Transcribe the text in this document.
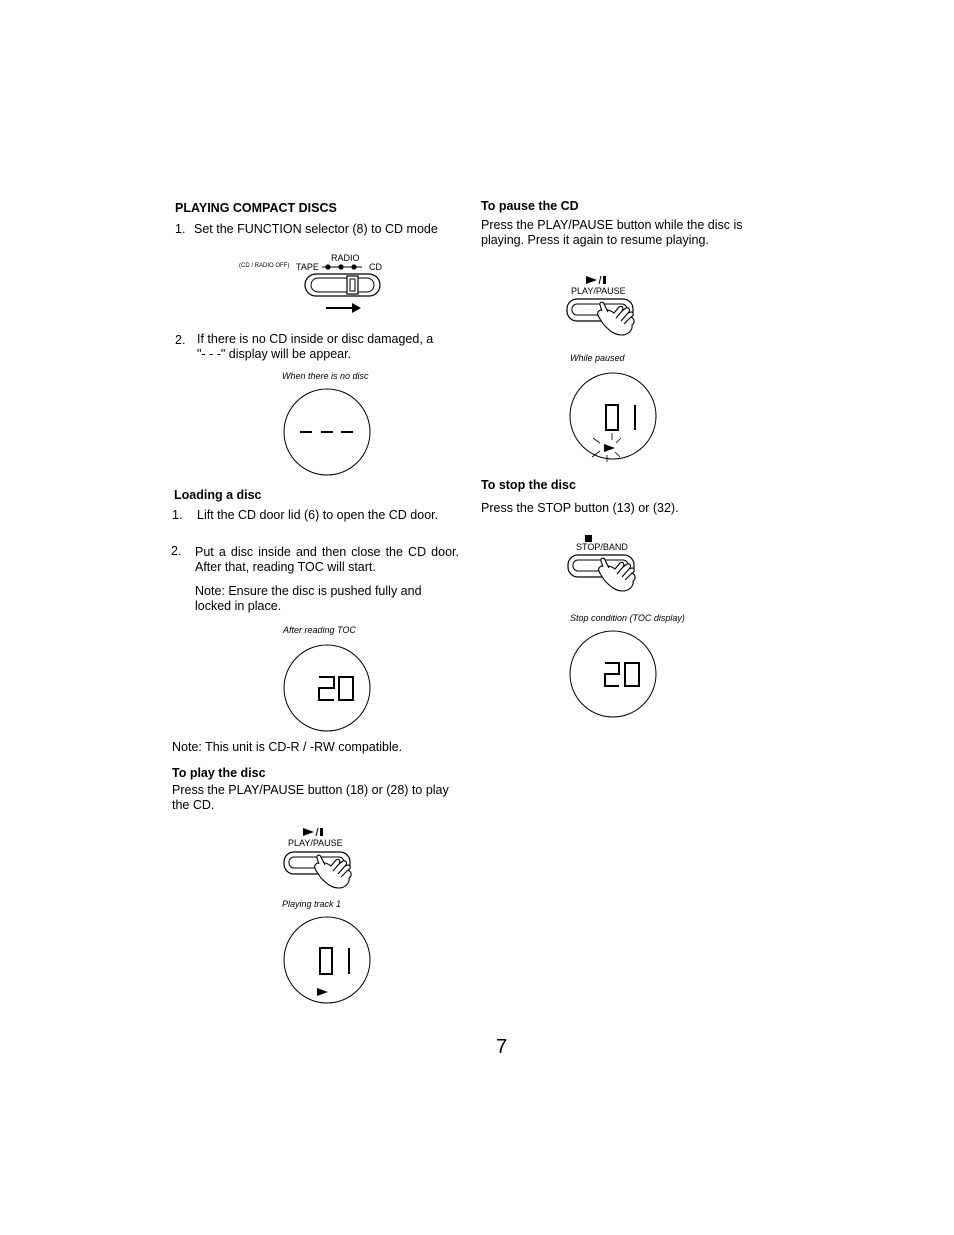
PLAYING COMPACT DISCS
1. Set the FUNCTION selector (8) to CD mode
(CD / RADIO OFF) TAPE
RADIO
CD
2. If there is no CD inside or disc damaged, a
"- - -" display will be appear.
When there is no disc
Loading a disc
1. Lift the CD door lid (6) to open the CD door.
2. Put a disc inside and then close the CD door. After that, reading TOC will start.
Note: Ensure the disc is pushed fully and locked in place.
After reading TOC
Note: This unit is CD-R / -RW compatible.
To play the disc
Press the PLAY/PAUSE button (18) or (28) to play the CD.
PLAY/PAUSE
Playing track 1
To pause the CD
Press the PLAY/PAUSE button while the disc is playing. Press it again to resume playing.
PLAY/PAUSE
While paused
To stop the disc
Press the STOP button (13) or (32).
STOP/BAND
Stop condition (TOC display)
7
